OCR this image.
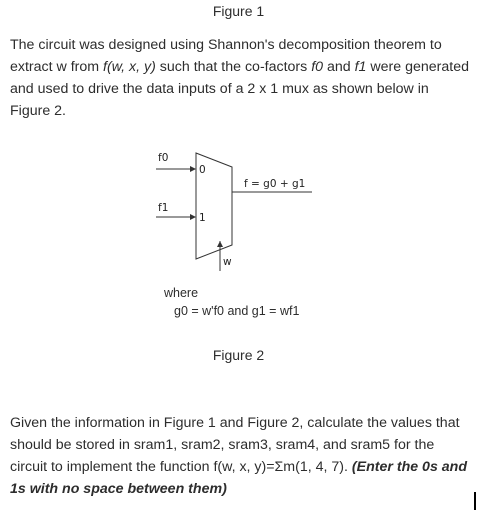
Figure 1
The circuit was designed using Shannon's decomposition theorem to extract w from f(w, x, y) such that the co-factors f0 and f1 were generated and used to drive the data inputs of a 2 x 1 mux as shown below in Figure 2.
f0
f1
0
1
w
f = g0 + g1
where
g0 = w'f0 and g1 = wf1
Figure 2
Given the information in Figure 1 and Figure 2, calculate the values that should be stored in sram1, sram2, sram3, sram4, and sram5 for the circuit to implement the function f(w, x, y)=Σm(1, 4, 7). (Enter the 0s and 1s with no space between them)
